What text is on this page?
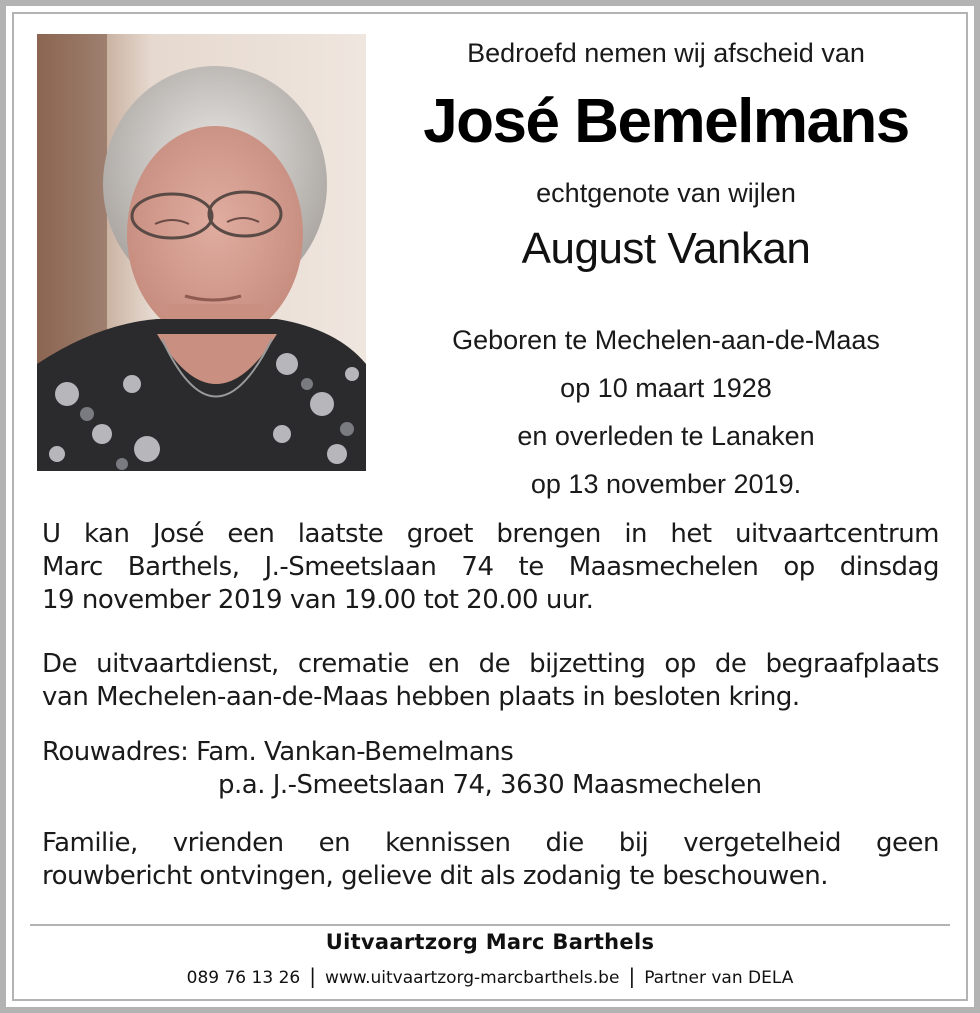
Bedroefd nemen wij afscheid van
José Bemelmans
echtgenote van wijlen
August Vankan
Geboren te Mechelen-aan-de-Maas
op 10 maart 1928
en overleden te Lanaken
op 13 november 2019.
U kan José een laatste groet brengen in het uitvaartcentrum
Marc Barthels, J.-Smeetslaan 74 te Maasmechelen op dinsdag
19 november 2019 van 19.00 tot 20.00 uur.
De uitvaartdienst, crematie en de bijzetting op de begraafplaats
van Mechelen-aan-de-Maas hebben plaats in besloten kring.
Rouwadres: Fam. Vankan-Bemelmans
p.a. J.-Smeetslaan 74, 3630 Maasmechelen
Familie, vrienden en kennissen die bij vergetelheid geen
rouwbericht ontvingen, gelieve dit als zodanig te beschouwen.
Uitvaartzorg Marc Barthels
089 76 13 26 | www.uitvaartzorg-marcbarthels.be | Partner van DELA
